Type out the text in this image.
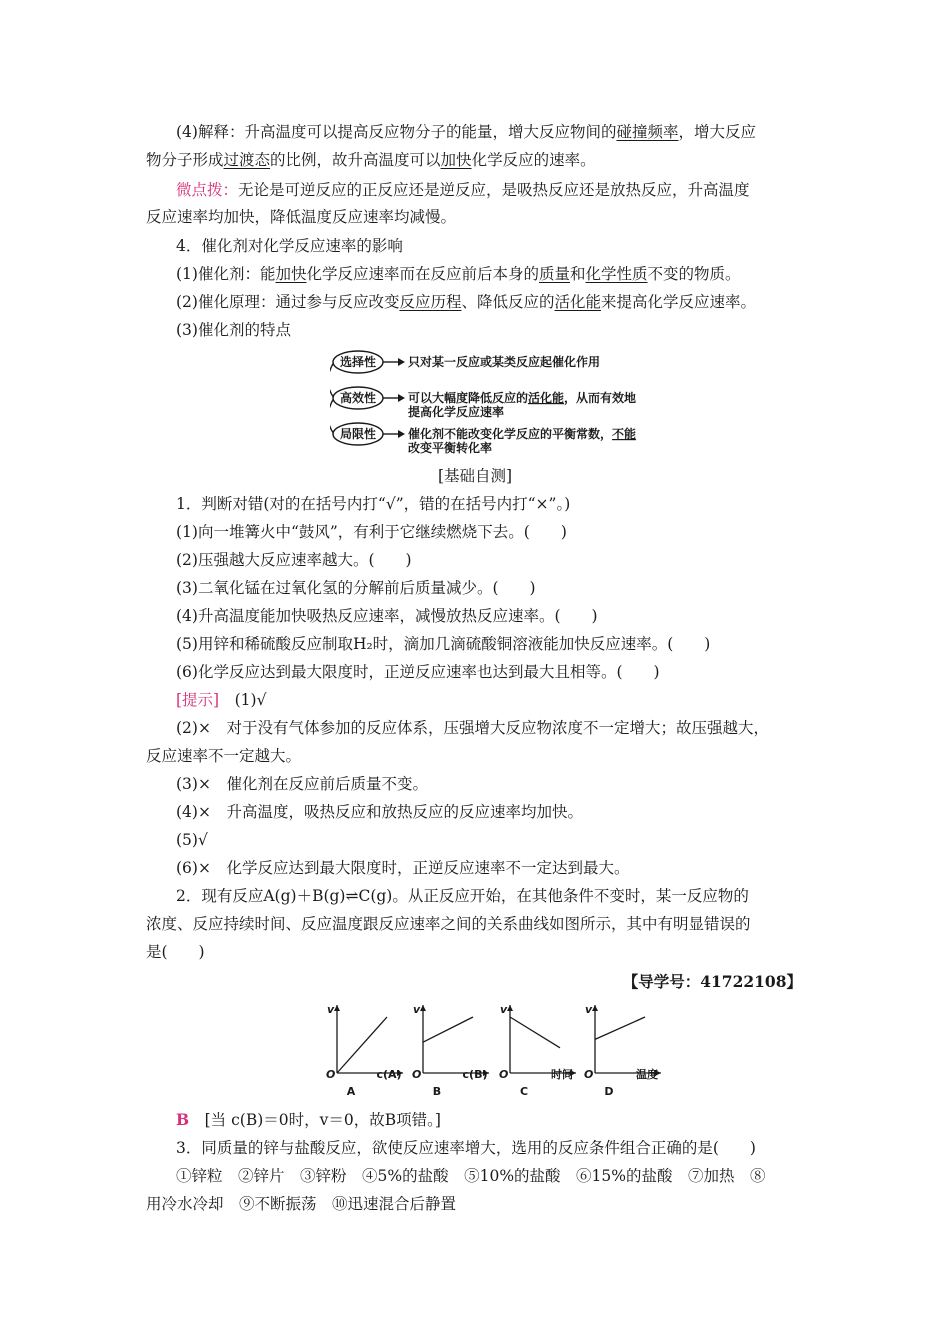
(4)解释：升高温度可以提高反应物分子的能量，增大反应物间的碰撞频率，增大反应
物分子形成过渡态的比例，故升高温度可以加快化学反应的速率。
微点拨：无论是可逆反应的正反应还是逆反应，是吸热反应还是放热反应，升高温度
反应速率均加快，降低温度反应速率均减慢。
4．催化剂对化学反应速率的影响
(1)催化剂：能加快化学反应速率而在反应前后本身的质量和化学性质不变的物质。
(2)催化原理：通过参与反应改变反应历程、降低反应的活化能来提高化学反应速率。
(3)催化剂的特点
选择性
高效性
局限性
只对某一反应或某类反应起催化作用
可以大幅度降低反应的活化能，从而有效地
提高化学反应速率
催化剂不能改变化学反应的平衡常数，不能
改变平衡转化率
[基础自测]
1．判断对错(对的在括号内打“√”，错的在括号内打“×”。)
(1)向一堆篝火中“鼓风”，有利于它继续燃烧下去。(　　)
(2)压强越大反应速率越大。(　　)
(3)二氧化锰在过氧化氢的分解前后质量减少。(　　)
(4)升高温度能加快吸热反应速率，减慢放热反应速率。(　　)
(5)用锌和稀硫酸反应制取H₂时，滴加几滴硫酸铜溶液能加快反应速率。(　　)
(6)化学反应达到最大限度时，正逆反应速率也达到最大且相等。(　　)
[提示]　 (1)√
(2)×　对于没有气体参加的反应体系，压强增大反应物浓度不一定增大；故压强越大，
反应速率不一定越大。
(3)×　催化剂在反应前后质量不变。
(4)×　升高温度，吸热反应和放热反应的反应速率均加快。
(5)√
(6)×　化学反应达到最大限度时，正逆反应速率不一定达到最大。
2．现有反应A(g)＋B(g)⇌C(g)。从正反应开始，在其他条件不变时，某一反应物的
浓度、反应持续时间、反应温度跟反应速率之间的关系曲线如图所示，其中有明显错误的
是(　　)
【导学号：41722108】
v
O	c(A)
A
v
O	c(B)
B
v
O	时间
C
v
O	温度
D
B　 [当 c(B)＝0时，v＝0，故B项错。]
3．同质量的锌与盐酸反应，欲使反应速率增大，选用的反应条件组合正确的是(　　)
①锌粒　②锌片　③锌粉　④5%的盐酸　⑤10%的盐酸　⑥15%的盐酸　⑦加热　⑧
用冷水冷却　⑨不断振荡　⑩迅速混合后静置
